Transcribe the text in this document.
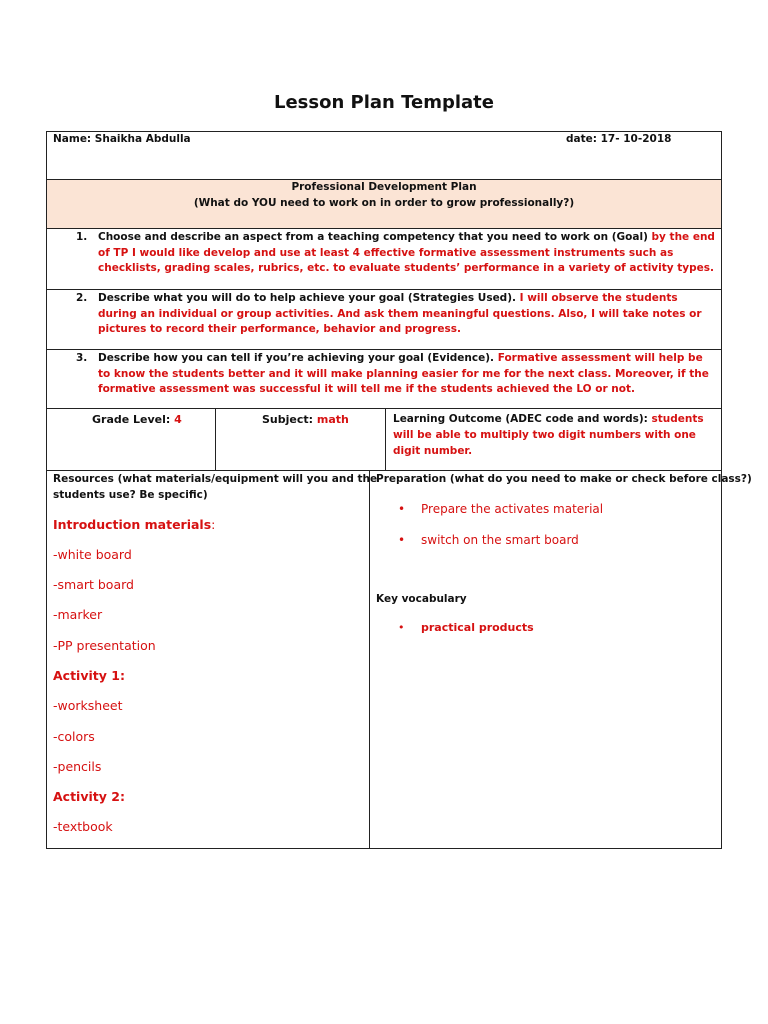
Lesson Plan Template
Name: Shaikha Abdulla	date: 17- 10-2018
Professional Development Plan
(What do YOU need to work on in order to grow professionally?)
1. Choose and describe an aspect from a teaching competency that you need to work on (Goal) by the end of TP I would like develop and use at least 4 effective formative assessment instruments such as checklists, grading scales, rubrics, etc. to evaluate students’ performance in a variety of activity types.
2. Describe what you will do to help achieve your goal (Strategies Used). I will observe the students during an individual or group activities. And ask them meaningful questions. Also, I will take notes or pictures to record their performance, behavior and progress.
3. Describe how you can tell if you’re achieving your goal (Evidence). Formative assessment will help be to know the students better and it will make planning easier for me for the next class. Moreover, if the formative assessment was successful it will tell me if the students achieved the LO or not.
Grade Level: 4	Subject: math	Learning Outcome (ADEC code and words): students will be able to multiply two digit numbers with one digit number.
Resources (what materials/equipment will you and the
students use? Be specific)
Introduction materials:
-white board
-smart board
-marker
-PP presentation
Activity 1:
-worksheet
-colors
-pencils
Activity 2:
-textbook
Preparation (what do you need to make or check before class?)
• Prepare the activates material
• switch on the smart board
Key vocabulary
• practical products
